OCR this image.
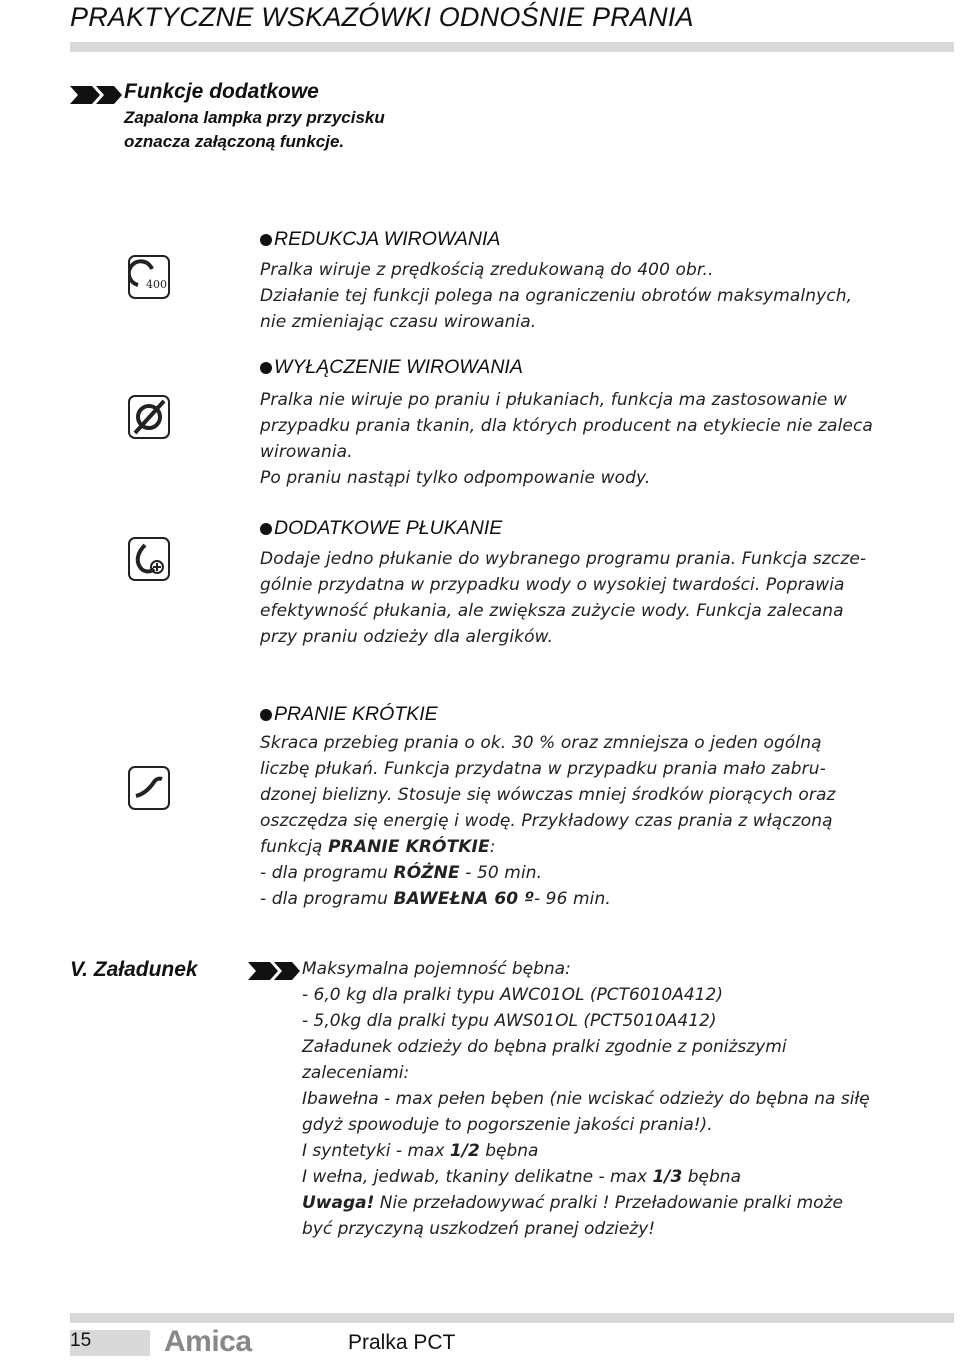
PRAKTYCZNE WSKAZÓWKI ODNOŚNIE PRANIA
Funkcje dodatkowe
Zapalona lampka przy przycisku
oznacza załączoną funkcje.
400
REDUKCJA WIROWANIA

Pralka wiruje z prędkością zredukowaną do 400 obr..

Działanie tej funkcji polega na ograniczeniu obrotów maksymalnych,

nie zmieniając czasu wirowania.

WYŁĄCZENIE WIROWANIA

Pralka nie wiruje po praniu i płukaniach, funkcja ma zastosowanie w

przypadku prania tkanin, dla których producent na etykiecie nie zaleca

wirowania.

Po praniu nastąpi tylko odpompowanie wody.

DODATKOWE PŁUKANIE

Dodaje jedno płukanie do wybranego programu prania. Funkcja szcze-

gólnie przydatna w przypadku wody o wysokiej twardości. Poprawia

efektywność płukania, ale zwiększa zużycie wody. Funkcja zalecana

przy praniu odzieży dla alergików.

PRANIE KRÓTKIE

Skraca przebieg prania o ok. 30 % oraz zmniejsza o jeden ogólną

liczbę płukań. Funkcja przydatna w przypadku prania mało zabru-

dzonej bielizny. Stosuje się wówczas mniej środków piorących oraz

oszczędza się energię i wodę. Przykładowy czas prania z włączoną

funkcją PRANIE KRÓTKIE:

- dla programu RÓŻNE - 50 min.

- dla programu BAWEŁNA 60 º- 96 min.

V. Załadunek	Maksymalna pojemność bębna:

- 6,0 kg dla pralki typu AWC01OL (PCT6010A412)

- 5,0kg dla pralki typu AWS01OL (PCT5010A412)

Załadunek odzieży do bębna pralki zgodnie z poniższymi

zaleceniami:

Ibawełna - max pełen bęben (nie wciskać odzieży do bębna na siłę

gdyż spowoduje to pogorszenie jakości prania!).

I syntetyki - max 1/2 bębna

I wełna, jedwab, tkaniny delikatne - max 1/3 bębna

Uwaga! Nie przeładowywać pralki ! Przeładowanie pralki może

być przyczyną uszkodzeń pranej odzieży!

15 Amica	Pralka PCT
